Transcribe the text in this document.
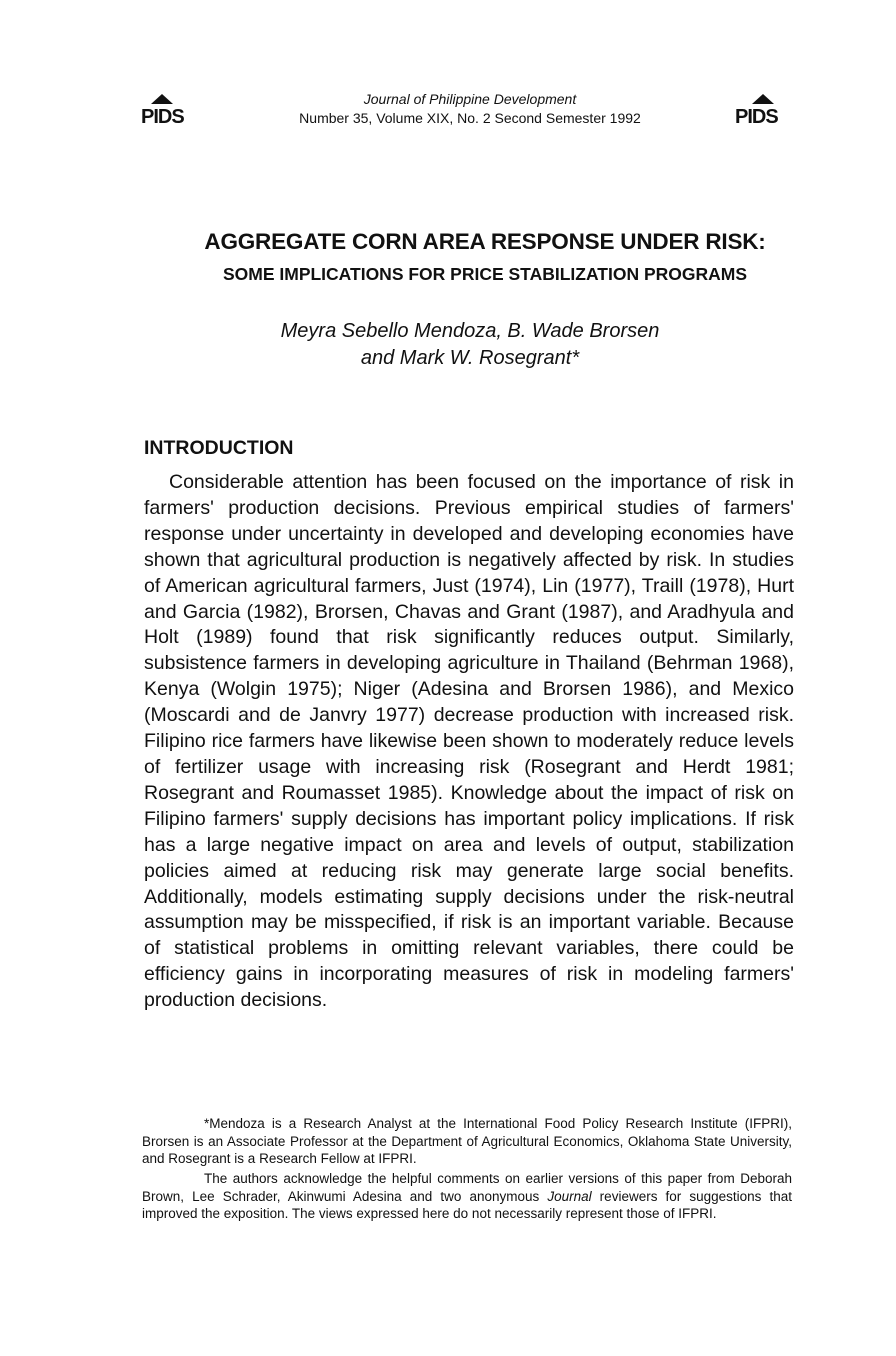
PIDS
Journal of Philippine Development
Number 35, Volume XIX, No. 2 Second Semester 1992	PIDS
AGGREGATE CORN AREA RESPONSE UNDER RISK:
SOME IMPLICATIONS FOR PRICE STABILIZATION PROGRAMS
Meyra Sebello Mendoza, B. Wade Brorsen
and Mark W. Rosegrant*
INTRODUCTION

Considerable attention has been focused on the importance of risk in farmers' production decisions. Previous empirical studies of farmers' response under uncertainty in developed and developing economies have shown that agricultural production is negatively affected by risk. In studies of American agricultural farmers, Just (1974), Lin (1977), Traill (1978), Hurt and Garcia (1982), Brorsen, Chavas and Grant (1987), and Aradhyula and Holt (1989) found that risk significantly reduces output. Similarly, subsistence farmers in developing agriculture in Thailand (Behrman 1968), Kenya (Wolgin 1975); Niger (Adesina and Brorsen 1986), and Mexico (Moscardi and de Janvry 1977) decrease production with increased risk. Filipino rice farmers have likewise been shown to moderately reduce levels of fertilizer usage with increasing risk (Rosegrant and Herdt 1981; Rosegrant and Roumasset 1985). Knowledge about the impact of risk on Filipino farmers' supply decisions has important policy implications. If risk has a large negative impact on area and levels of output, stabilization policies aimed at reducing risk may generate large social benefits. Additionally, models estimating supply decisions under the risk-neutral assumption may be misspecified, if risk is an important variable. Because of statistical problems in omitting relevant variables, there could be efficiency gains in incorporating measures of risk in modeling farmers' production decisions.

*Mendoza is a Research Analyst at the International Food Policy Research Institute (IFPRI), Brorsen is an Associate Professor at the Department of Agricultural Economics, Oklahoma State University, and Rosegrant is a Research Fellow at IFPRI.

The authors acknowledge the helpful comments on earlier versions of this paper from Deborah Brown, Lee Schrader, Akinwumi Adesina and two anonymous Journal reviewers for suggestions that improved the exposition. The views expressed here do not necessarily represent those of IFPRI.
